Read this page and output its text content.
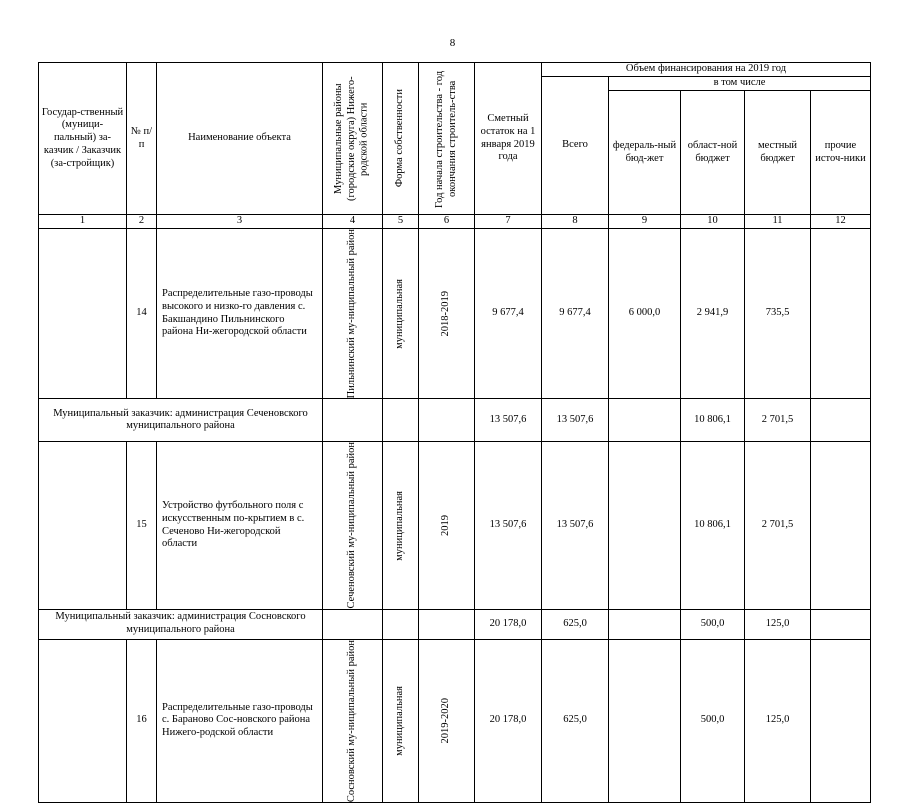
8
Государ-ственный (муници-пальный) за-казчик / Заказчик (за-стройщик)	№ п/п	Наименование объекта	Муниципальные районы (городские округа) Нижего-родской области	Форма собственности	Год начала строительства - год окончания строитель-ства	Сметный остаток на 1 января 2019 года	Объем финансирования на 2019 год				
							Всего	в том числе			
								федераль-ный бюд-жет	област-ной бюджет	местный бюджет	прочие источ-ники
1	2	3	4	5	6	7	8	9	10	11	12
	14	Распределительные газо-проводы высокого и низко-го давления с. Бакшандино Пильнинского района Ни-жегородской области	Пильнинский му-ниципальный район	муниципальная	2018-2019	9 677,4	9 677,4	6 000,0	2 941,9	735,5	
Муниципальный заказчик: администрация Сеченовского муниципального района						13 507,6	13 507,6		10 806,1	2 701,5	
	15	Устройство футбольного поля с искусственным по-крытием в с. Сеченово Ни-жегородской области	Сеченовский му-ниципальный район	муниципальная	2019	13 507,6	13 507,6		10 806,1	2 701,5	
Муниципальный заказчик: администрация Сосновского муниципального района						20 178,0	625,0		500,0	125,0	
	16	Распределительные газо-проводы с. Бараново Сос-новского района Нижего-родской области	Сосновский му-ниципальный район	муниципальная	2019-2020	20 178,0	625,0		500,0	125,0	
